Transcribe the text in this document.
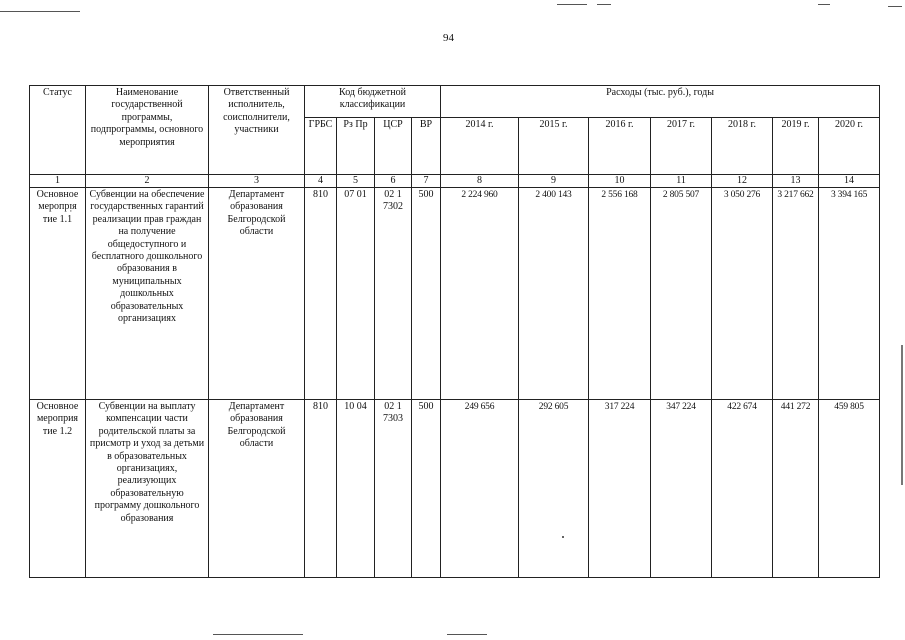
94
Статус	Наименование государственной программы, подпрограммы, основного мероприятия	Ответственный исполнитель, соисполнители, участники	Код бюджетной классификации				Расходы (тыс. руб.), годы						
			ГРБС	Рз Пр	ЦСР	ВР	2014 г.	2015 г.	2016 г.	2017 г.	2018 г.	2019 г.	2020 г.
1	2	3	4	5	6	7	8	9	10	11	12	13	14
Основное меропрᴉя тие 1.1	Субвенции на обеспечение государственных гарантий реализации прав граждан на получение общедоступного и бесплатного дошкольного образования в муниципальных дошкольных образовательных организациях	Департамент образования Белгородской области	810	07 01	02 1 7302	500	2 224 960	2 400 143	2 556 168	2 805 507	3 050 276	3 217 662	3 394 165
Основное мероприя тие 1.2	Субвенции на выплату компенсации части родительской платы за присмотр и уход за детьми в образовательных организациях, реализующих образовательную программу дошкольного образования	Департамент образования Белгородской области	810	10 04	02 1 7303	500	249 656	292 605	317 224	347 224	422 674	441 272	459 805
